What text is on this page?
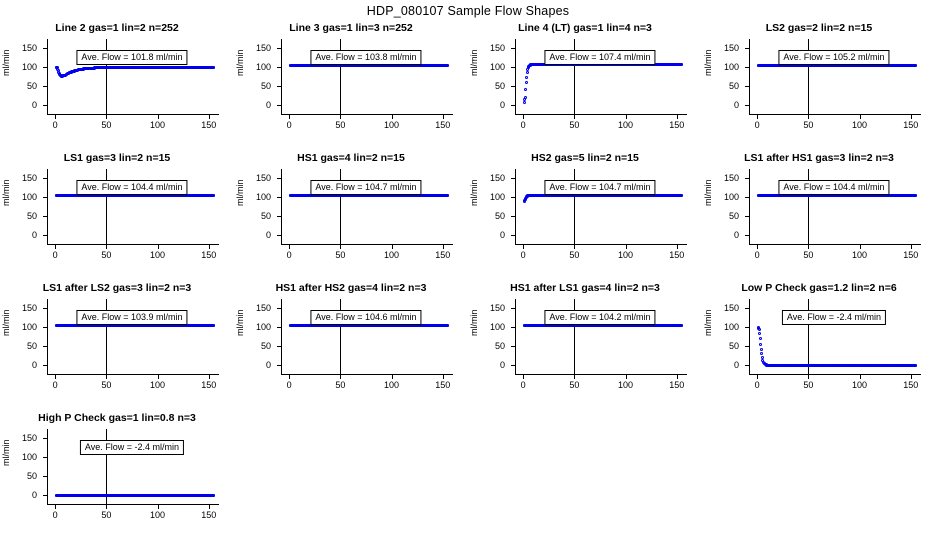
HDP_080107 Sample Flow Shapes
Line 2 gas=1 lin=2 n=252
0
50
100
150
0	50	100	150
Ave. Flow = 101.8 ml/min
ml/min
Line 3 gas=1 lin=3 n=252
0
50
100
150
0	50	100	150
Ave. Flow = 103.8 ml/min
ml/min
Line 4 (LT) gas=1 lin=4 n=3
0
50
100
150
0	50	100	150
Ave. Flow = 107.4 ml/min
ml/min
LS2 gas=2 lin=2 n=15
0
50
100
150
0	50	100	150
Ave. Flow = 105.2 ml/min
ml/min
LS1 gas=3 lin=2 n=15
0
50
100
150
0	50	100	150
Ave. Flow = 104.4 ml/min
ml/min
HS1 gas=4 lin=2 n=15
0
50
100
150
0	50	100	150
Ave. Flow = 104.7 ml/min
ml/min
HS2 gas=5 lin=2 n=15
0
50
100
150
0	50	100	150
Ave. Flow = 104.7 ml/min
ml/min
LS1 after HS1 gas=3 lin=2 n=3
0
50
100
150
0	50	100	150
Ave. Flow = 104.4 ml/min
ml/min
LS1 after LS2 gas=3 lin=2 n=3
0
50
100
150
0	50	100	150
Ave. Flow = 103.9 ml/min
ml/min
HS1 after HS2 gas=4 lin=2 n=3
0
50
100
150
0	50	100	150
Ave. Flow = 104.6 ml/min
ml/min
HS1 after LS1 gas=4 lin=2 n=3
0
50
100
150
0	50	100	150
Ave. Flow = 104.2 ml/min
ml/min
Low P Check gas=1.2 lin=2 n=6
0
50
100
150
0	50	100	150
Ave. Flow = -2.4 ml/min
ml/min
High P Check gas=1 lin=0.8 n=3
0
50
100
150
0	50	100	150
Ave. Flow = -2.4 ml/min
ml/min
